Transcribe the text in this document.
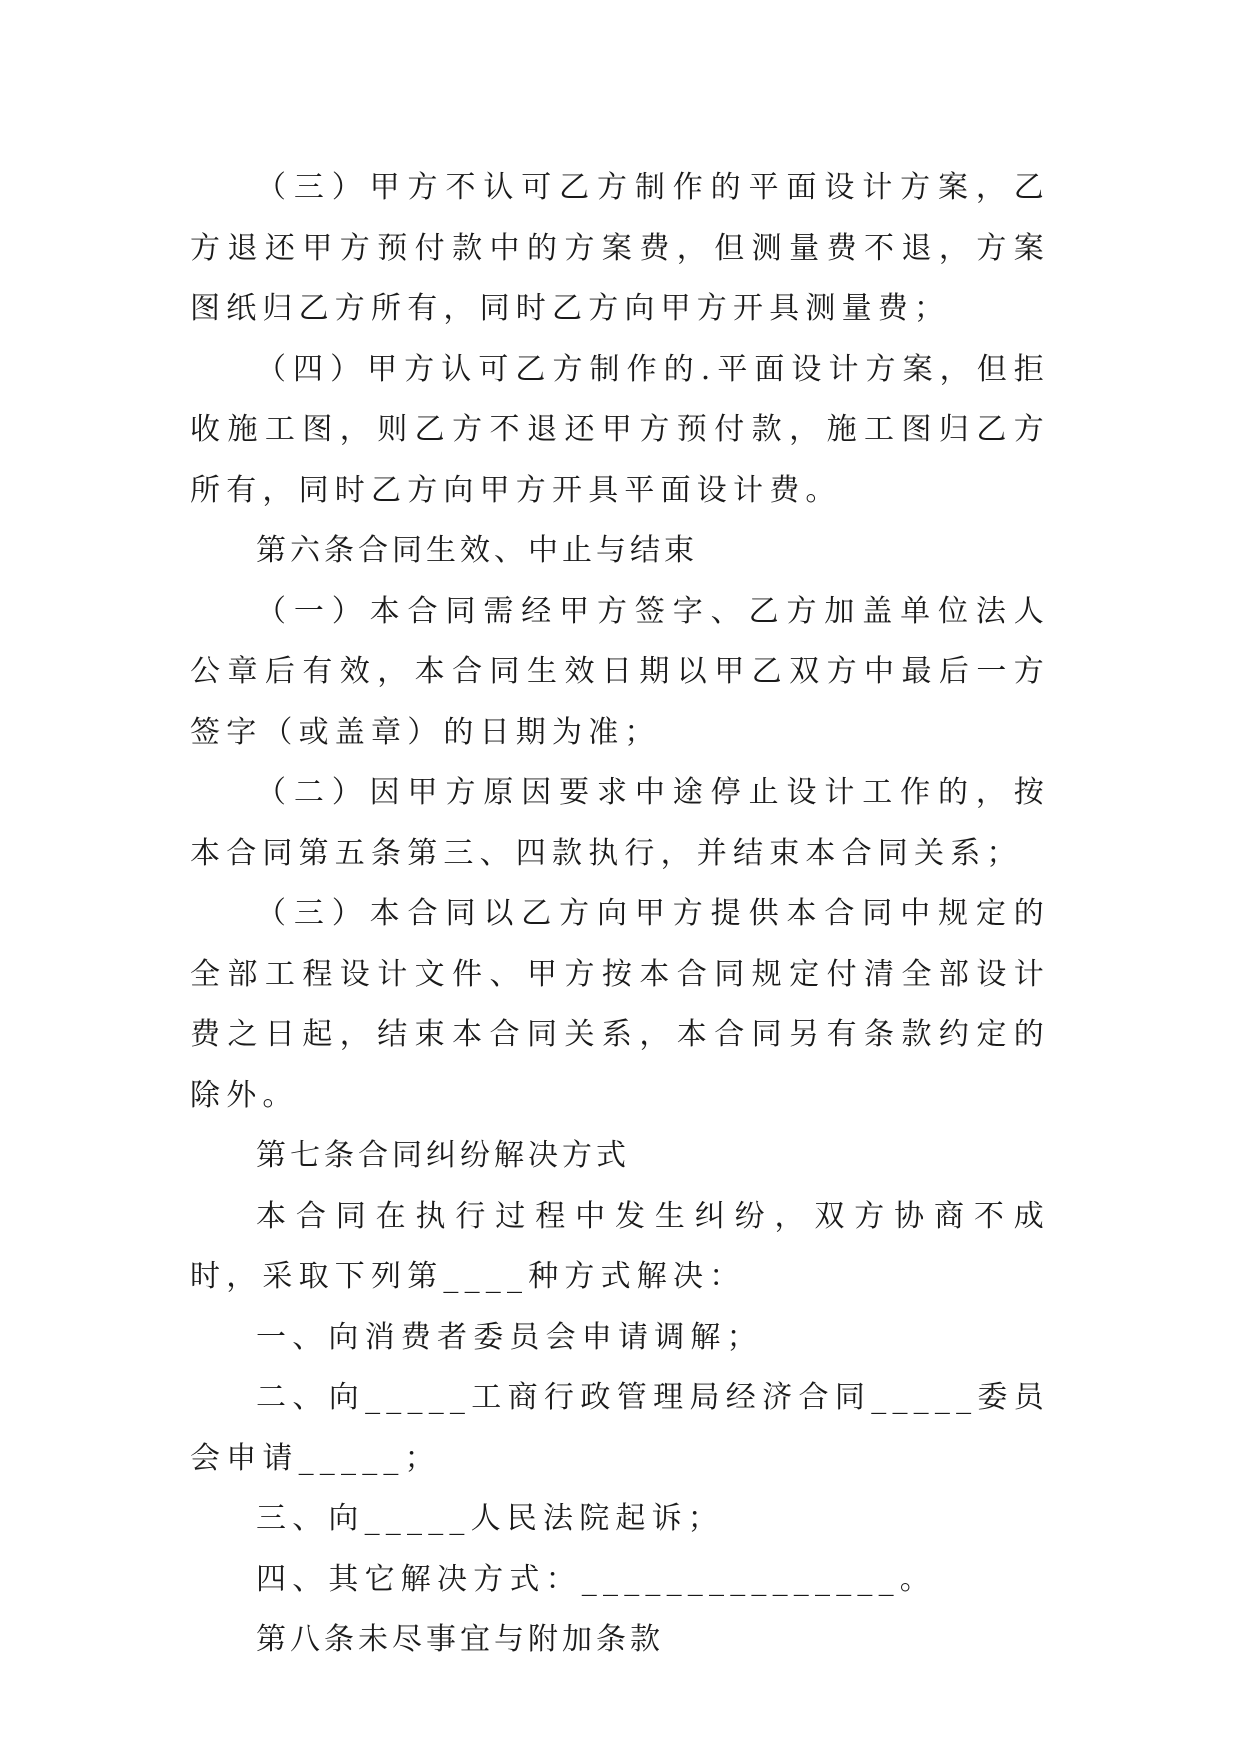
（三）甲方不认可乙方制作的平面设计方案，乙方退还甲方预付款中的方案费，但测量费不退，方案图纸归乙方所有，同时乙方向甲方开具测量费；

（四）甲方认可乙方制作的.平面设计方案，但拒收施工图，则乙方不退还甲方预付款，施工图归乙方所有，同时乙方向甲方开具平面设计费。

第六条合同生效、中止与结束

（一）本合同需经甲方签字、乙方加盖单位法人公章后有效，本合同生效日期以甲乙双方中最后一方签字（或盖章）的日期为准；

（二）因甲方原因要求中途停止设计工作的，按本合同第五条第三、四款执行，并结束本合同关系；

（三）本合同以乙方向甲方提供本合同中规定的全部工程设计文件、甲方按本合同规定付清全部设计费之日起，结束本合同关系，本合同另有条款约定的除外。

第七条合同纠纷解决方式

本合同在执行过程中发生纠纷，双方协商不成时，采取下列第____种方式解决：

一、向消费者委员会申请调解；

二、向_____工商行政管理局经济合同_____委员会申请_____；

三、向_____人民法院起诉；

四、其它解决方式：_______________。

第八条未尽事宜与附加条款
